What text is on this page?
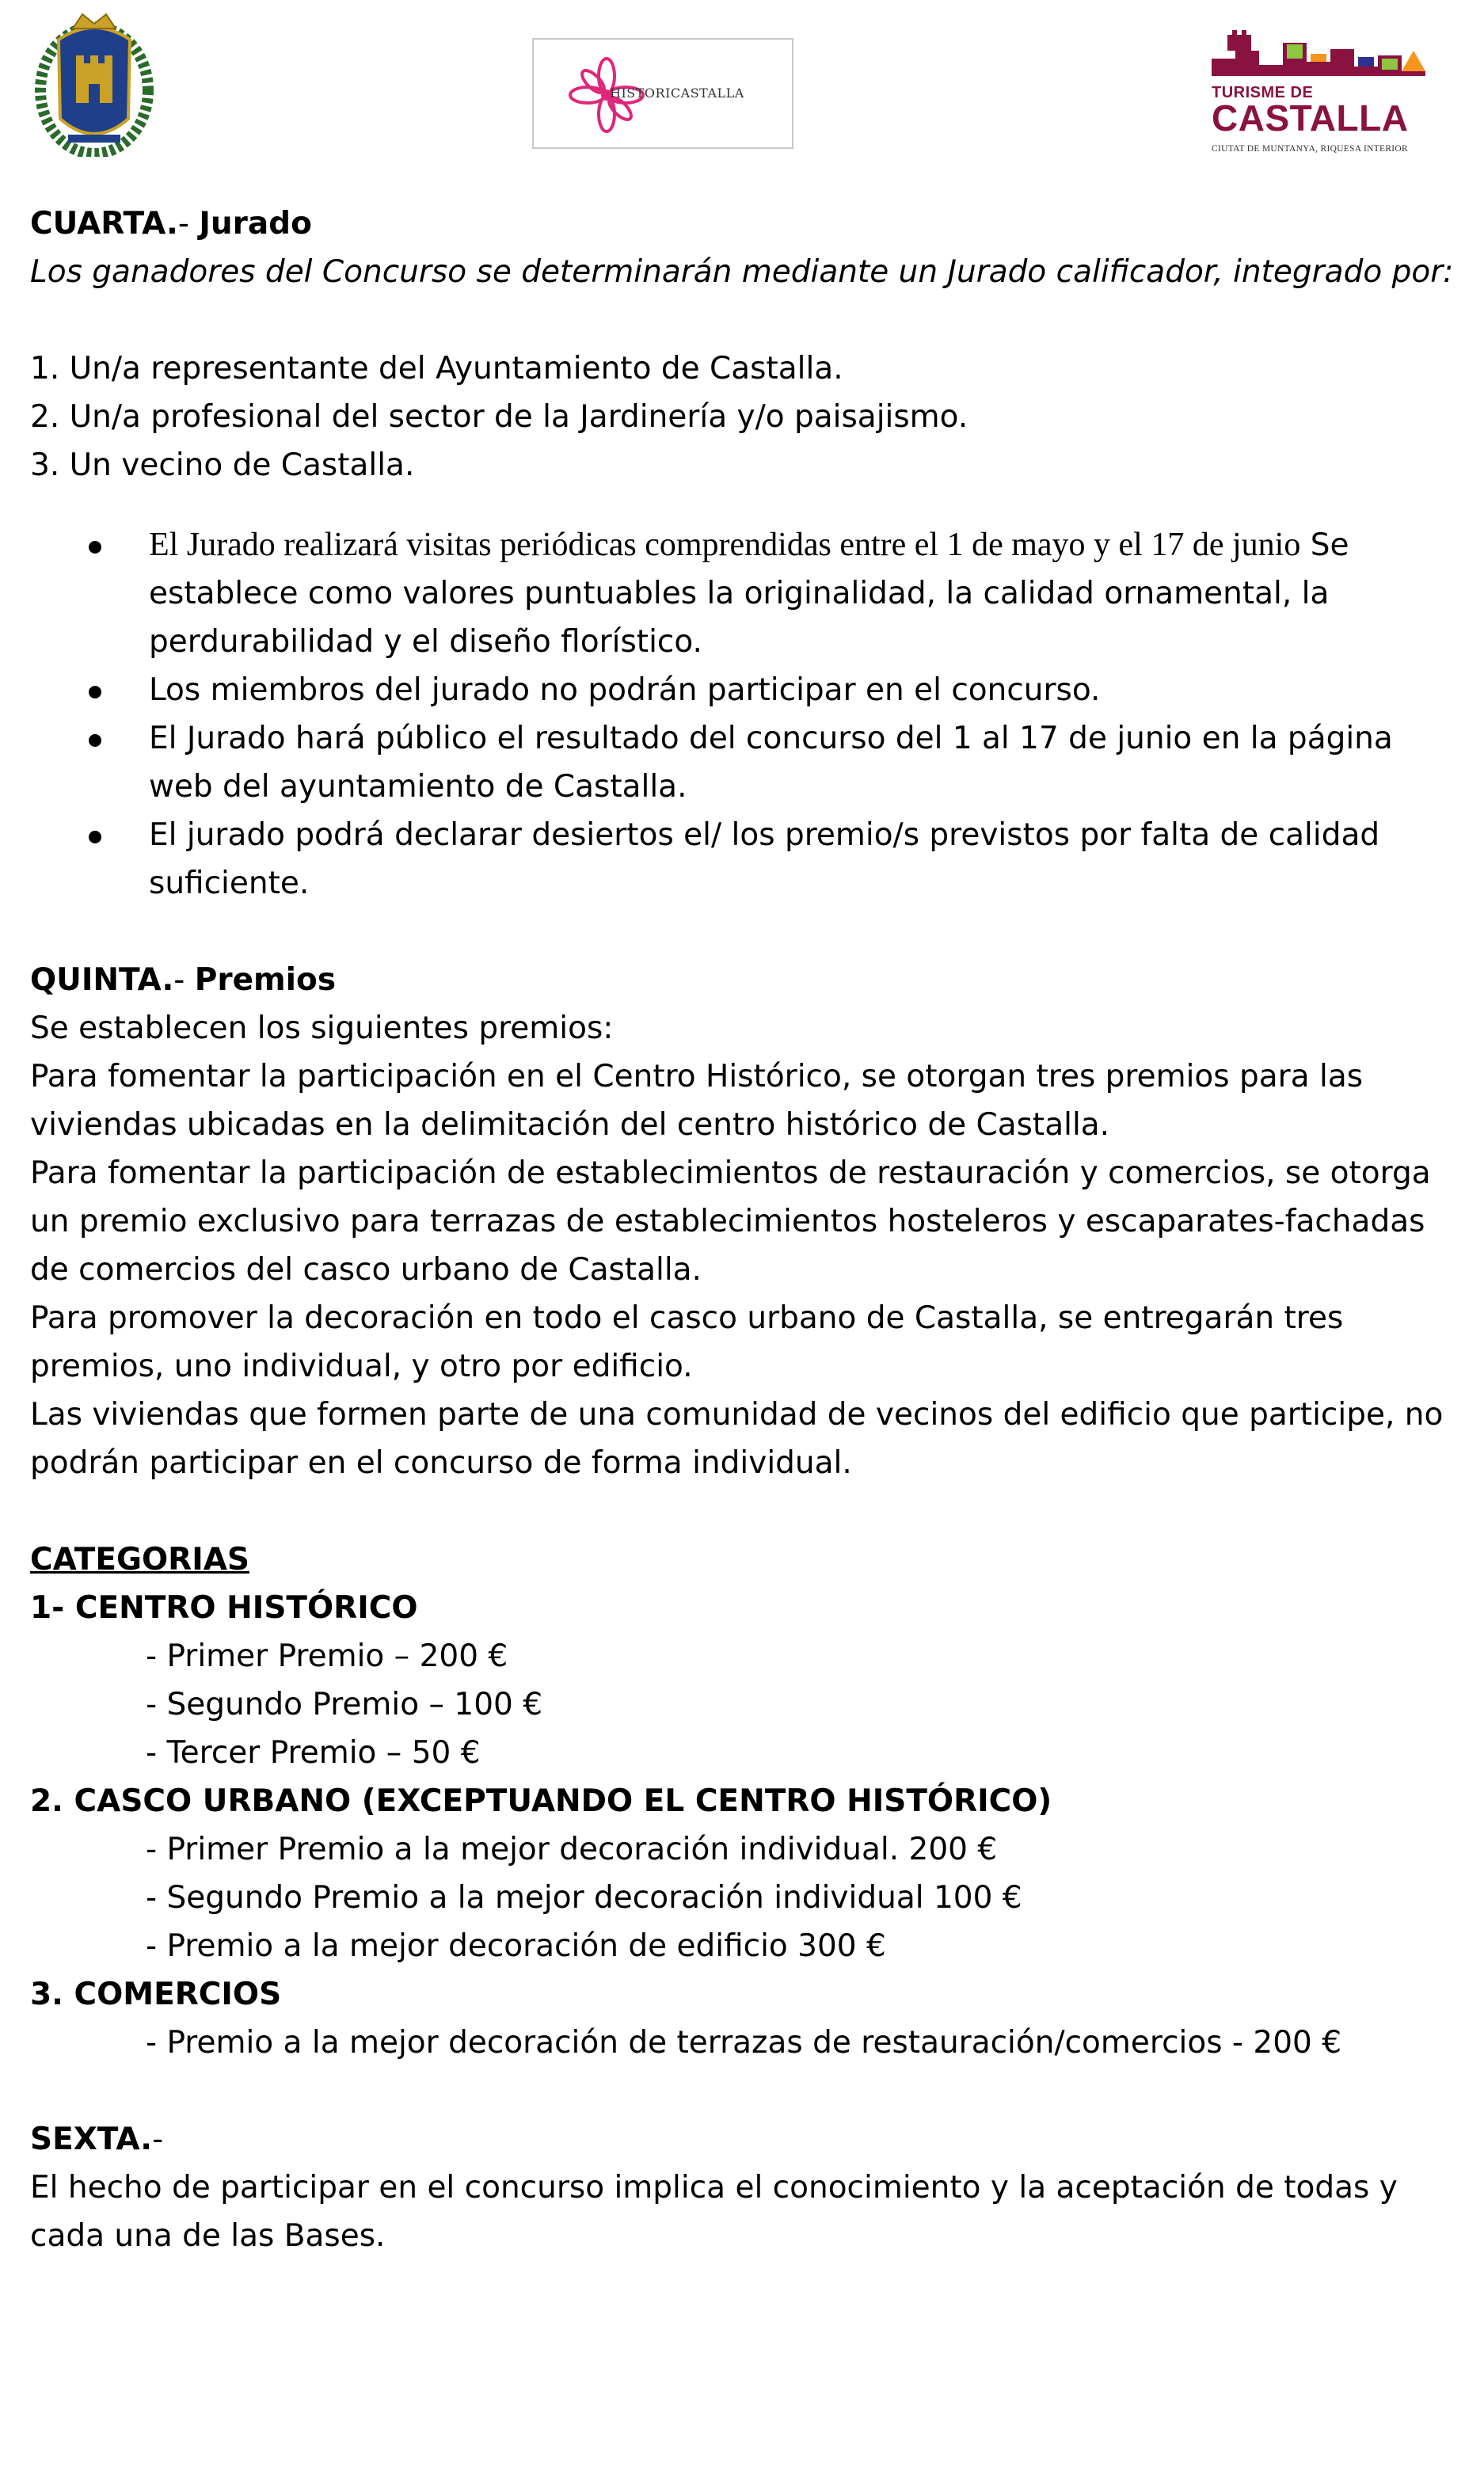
HISTORICASTALLA	TURISME DE
CASTALLA
CIUTAT DE MUNTANYA, RIQUESA INTERIOR

CUARTA.- Jurado

Los ganadores del Concurso se determinarán mediante un Jurado calificador, integrado por:

1. Un/a representante del Ayuntamiento de Castalla.

2. Un/a profesional del sector de la Jardinería y/o paisajismo.

3. Un vecino de Castalla.

El Jurado realizará visitas periódicas comprendidas entre el 1 de mayo y el 17 de junio Se establece como valores puntuables la originalidad, la calidad ornamental, la perdurabilidad y el diseño florístico.
Los miembros del jurado no podrán participar en el concurso.
El Jurado hará público el resultado del concurso del 1 al 17 de junio en la página web del ayuntamiento de Castalla.
El jurado podrá declarar desiertos el/ los premio/s previstos por falta de calidad suficiente.

QUINTA.- Premios

Se establecen los siguientes premios:

Para fomentar la participación en el Centro Histórico, se otorgan tres premios para las viviendas ubicadas en la delimitación del centro histórico de Castalla.

Para fomentar la participación de establecimientos de restauración y comercios, se otorga un premio exclusivo para terrazas de establecimientos hosteleros y escaparates-fachadas de comercios del casco urbano de Castalla.

Para promover la decoración en todo el casco urbano de Castalla, se entregarán tres premios, uno individual, y otro por edificio.

Las viviendas que formen parte de una comunidad de vecinos del edificio que participe, no podrán participar en el concurso de forma individual.

CATEGORIAS

1- CENTRO HISTÓRICO

- Primer Premio – 200 €

- Segundo Premio – 100 €

- Tercer Premio – 50 €

2. CASCO URBANO (EXCEPTUANDO EL CENTRO HISTÓRICO)

- Primer Premio a la mejor decoración individual. 200 €

- Segundo Premio a la mejor decoración individual 100 €

- Premio a la mejor decoración de edificio 300 €

3. COMERCIOS

- Premio a la mejor decoración de terrazas de restauración/comercios - 200 €

SEXTA.-

El hecho de participar en el concurso implica el conocimiento y la aceptación de todas y cada una de las Bases.
